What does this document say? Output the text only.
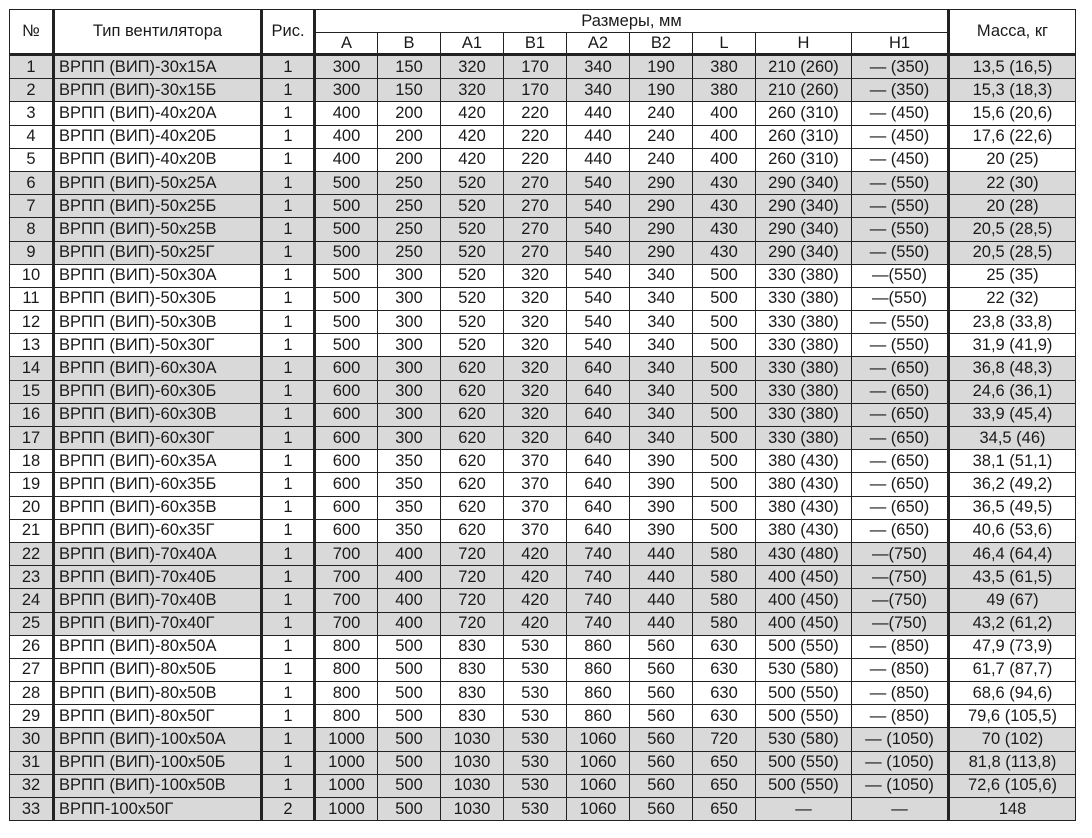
№	Тип вентилятора	Рис.	Размеры, мм									Масса, кг
			A	B	A1	B1	A2	B2	L	H	H1	
1	ВРПП (ВИП)-30х15А	1	300	150	320	170	340	190	380	210 (260)	— (350)	13,5 (16,5)
2	ВРПП (ВИП)-30х15Б	1	300	150	320	170	340	190	380	210 (260)	— (350)	15,3 (18,3)
3	ВРПП (ВИП)-40х20А	1	400	200	420	220	440	240	400	260 (310)	— (450)	15,6 (20,6)
4	ВРПП (ВИП)-40х20Б	1	400	200	420	220	440	240	400	260 (310)	— (450)	17,6 (22,6)
5	ВРПП (ВИП)-40х20В	1	400	200	420	220	440	240	400	260 (310)	— (450)	20 (25)
6	ВРПП (ВИП)-50х25А	1	500	250	520	270	540	290	430	290 (340)	— (550)	22 (30)
7	ВРПП (ВИП)-50х25Б	1	500	250	520	270	540	290	430	290 (340)	— (550)	20 (28)
8	ВРПП (ВИП)-50х25В	1	500	250	520	270	540	290	430	290 (340)	— (550)	20,5 (28,5)
9	ВРПП (ВИП)-50х25Г	1	500	250	520	270	540	290	430	290 (340)	— (550)	20,5 (28,5)
10	ВРПП (ВИП)-50х30А	1	500	300	520	320	540	340	500	330 (380)	—(550)	25 (35)
11	ВРПП (ВИП)-50х30Б	1	500	300	520	320	540	340	500	330 (380)	—(550)	22 (32)
12	ВРПП (ВИП)-50х30В	1	500	300	520	320	540	340	500	330 (380)	— (550)	23,8 (33,8)
13	ВРПП (ВИП)-50х30Г	1	500	300	520	320	540	340	500	330 (380)	— (550)	31,9 (41,9)
14	ВРПП (ВИП)-60х30А	1	600	300	620	320	640	340	500	330 (380)	— (650)	36,8 (48,3)
15	ВРПП (ВИП)-60х30Б	1	600	300	620	320	640	340	500	330 (380)	— (650)	24,6 (36,1)
16	ВРПП (ВИП)-60х30В	1	600	300	620	320	640	340	500	330 (380)	— (650)	33,9 (45,4)
17	ВРПП (ВИП)-60х30Г	1	600	300	620	320	640	340	500	330 (380)	— (650)	34,5 (46)
18	ВРПП (ВИП)-60х35А	1	600	350	620	370	640	390	500	380 (430)	— (650)	38,1 (51,1)
19	ВРПП (ВИП)-60х35Б	1	600	350	620	370	640	390	500	380 (430)	— (650)	36,2 (49,2)
20	ВРПП (ВИП)-60х35В	1	600	350	620	370	640	390	500	380 (430)	— (650)	36,5 (49,5)
21	ВРПП (ВИП)-60х35Г	1	600	350	620	370	640	390	500	380 (430)	— (650)	40,6 (53,6)
22	ВРПП (ВИП)-70х40А	1	700	400	720	420	740	440	580	430 (480)	—(750)	46,4 (64,4)
23	ВРПП (ВИП)-70х40Б	1	700	400	720	420	740	440	580	400 (450)	—(750)	43,5 (61,5)
24	ВРПП (ВИП)-70х40В	1	700	400	720	420	740	440	580	400 (450)	—(750)	49 (67)
25	ВРПП (ВИП)-70х40Г	1	700	400	720	420	740	440	580	400 (450)	—(750)	43,2 (61,2)
26	ВРПП (ВИП)-80х50А	1	800	500	830	530	860	560	630	500 (550)	— (850)	47,9 (73,9)
27	ВРПП (ВИП)-80х50Б	1	800	500	830	530	860	560	630	530 (580)	— (850)	61,7 (87,7)
28	ВРПП (ВИП)-80х50В	1	800	500	830	530	860	560	630	500 (550)	— (850)	68,6 (94,6)
29	ВРПП (ВИП)-80х50Г	1	800	500	830	530	860	560	630	500 (550)	— (850)	79,6 (105,5)
30	ВРПП (ВИП)-100х50А	1	1000	500	1030	530	1060	560	720	530 (580)	— (1050)	70 (102)
31	ВРПП (ВИП)-100х50Б	1	1000	500	1030	530	1060	560	650	500 (550)	— (1050)	81,8 (113,8)
32	ВРПП (ВИП)-100х50В	1	1000	500	1030	530	1060	560	650	500 (550)	— (1050)	72,6 (105,6)
33	ВРПП-100х50Г	2	1000	500	1030	530	1060	560	650	—	—	148
